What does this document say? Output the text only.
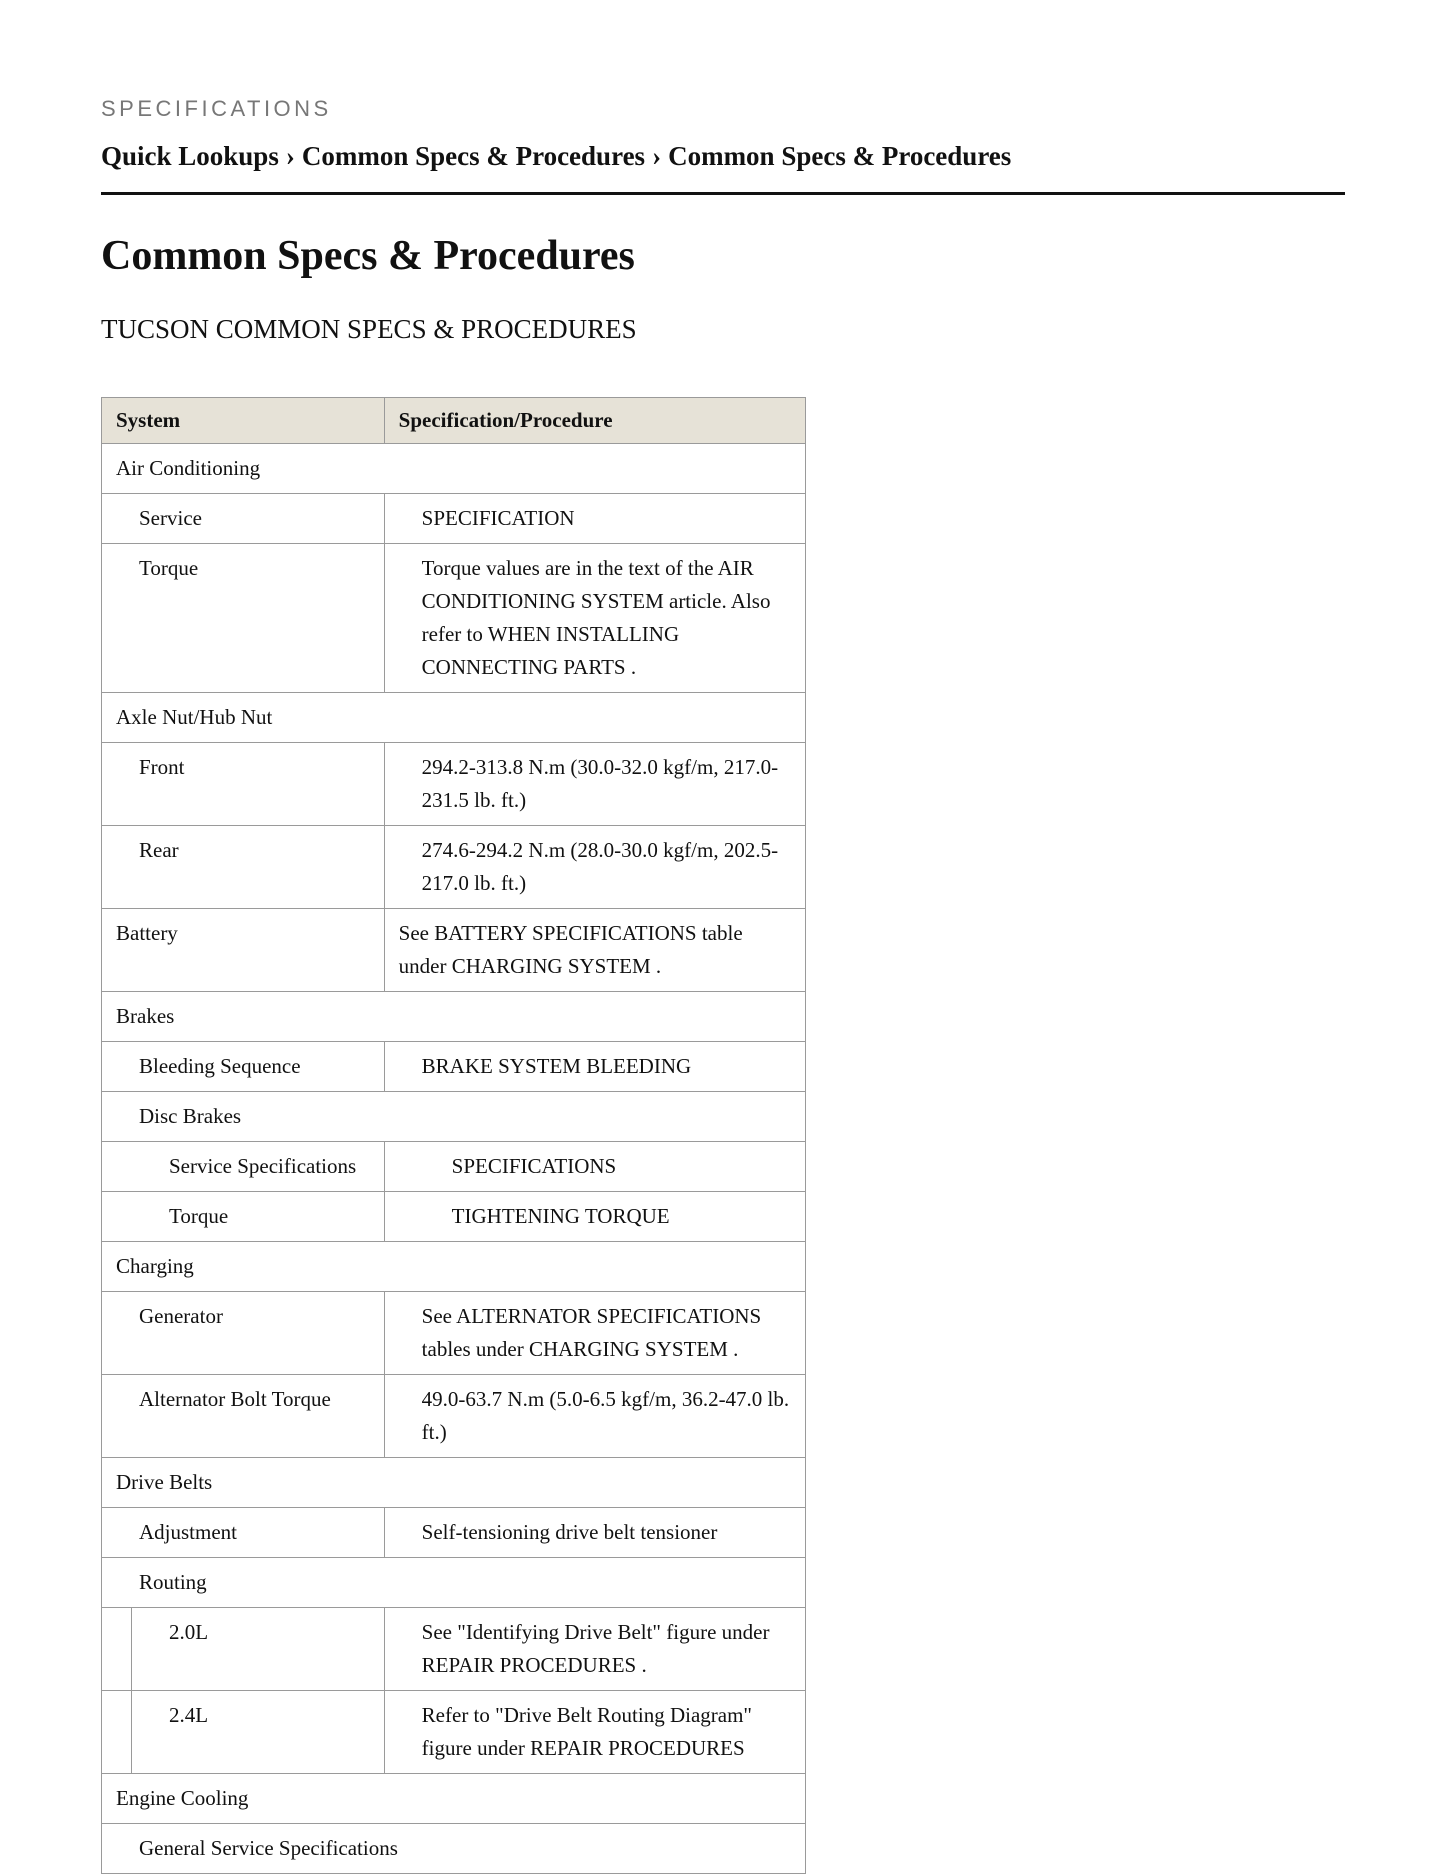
SPECIFICATIONS
Quick Lookups › Common Specs & Procedures › Common Specs & Procedures
Common Specs & Procedures
TUCSON COMMON SPECS & PROCEDURES
System	Specification/Procedure
Air Conditioning	
Service	SPECIFICATION
Torque	Torque values are in the text of the AIR CONDITIONING SYSTEM article. Also refer to WHEN INSTALLING CONNECTING PARTS .
Axle Nut/Hub Nut	
Front	294.2-313.8 N.m (30.0-32.0 kgf/m, 217.0-231.5 lb. ft.)
Rear	274.6-294.2 N.m (28.0-30.0 kgf/m, 202.5-217.0 lb. ft.)
Battery	See BATTERY SPECIFICATIONS table under CHARGING SYSTEM .
Brakes	
Bleeding Sequence	BRAKE SYSTEM BLEEDING
Disc Brakes	
Service Specifications	SPECIFICATIONS
Torque	TIGHTENING TORQUE
Charging	
Generator	See ALTERNATOR SPECIFICATIONS tables under CHARGING SYSTEM .
Alternator Bolt Torque	49.0-63.7 N.m (5.0-6.5 kgf/m, 36.2-47.0 lb. ft.)
Drive Belts	
Adjustment	Self-tensioning drive belt tensioner
Routing	

2.0L	See "Identifying Drive Belt" figure under REPAIR PROCEDURES .

2.4L	Refer to "Drive Belt Routing Diagram" figure under REPAIR PROCEDURES
Engine Cooling	
General Service Specifications	
